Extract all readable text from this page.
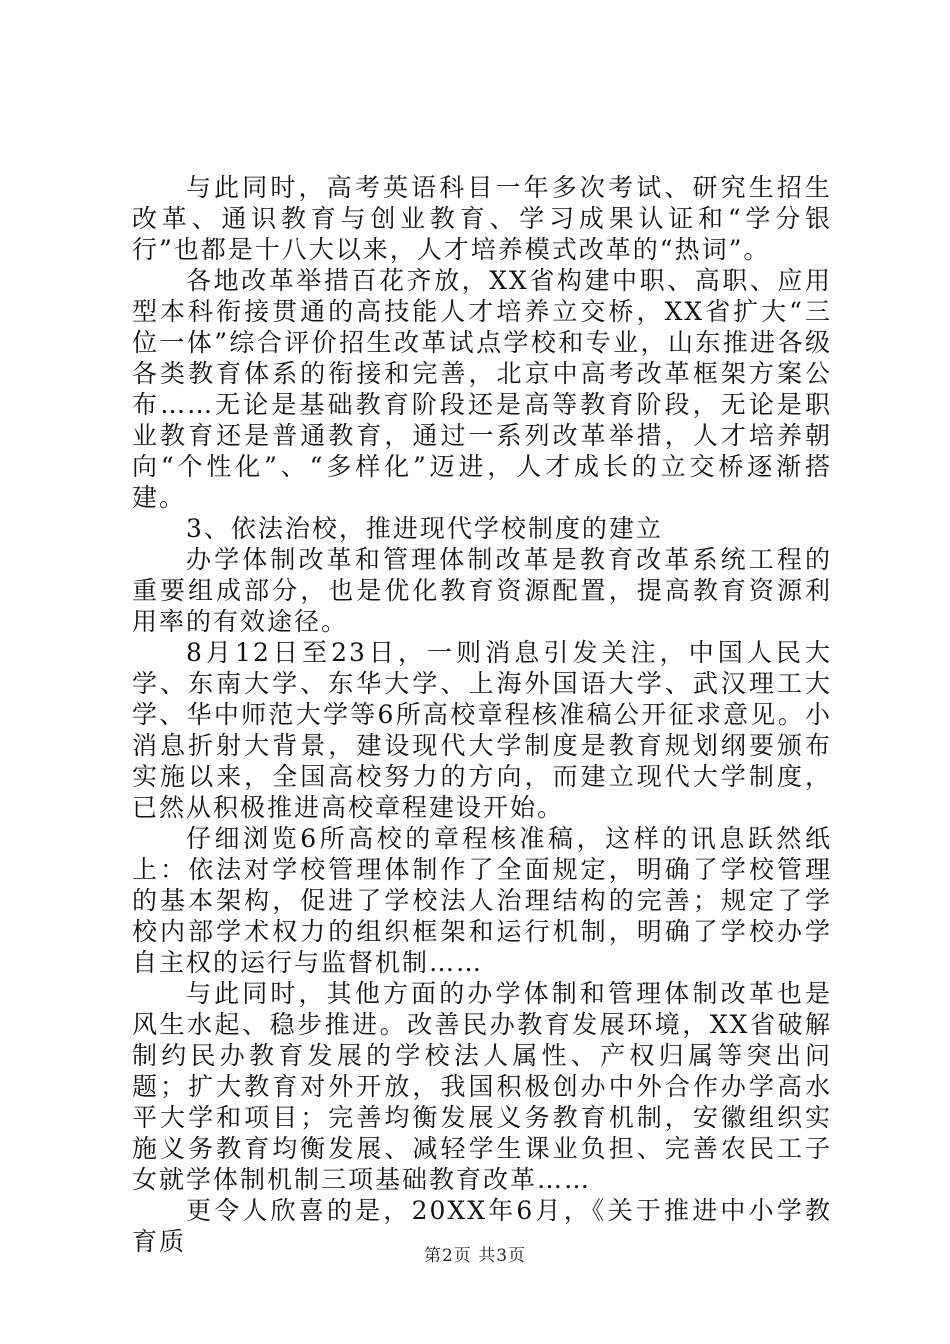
与此同时，高考英语科目一年多次考试、研究生招生改革、通识教育与创业教育、学习成果认证和“学分银行”也都是十八大以来，人才培养模式改革的“热词”。

各地改革举措百花齐放，XX省构建中职、高职、应用型本科衔接贯通的高技能人才培养立交桥，XX省扩大“三位一体”综合评价招生改革试点学校和专业，山东推进各级各类教育体系的衔接和完善，北京中高考改革框架方案公布……无论是基础教育阶段还是高等教育阶段，无论是职业教育还是普通教育，通过一系列改革举措，人才培养朝向“个性化”、“多样化”迈进，人才成长的立交桥逐渐搭建。

3、依法治校，推进现代学校制度的建立

办学体制改革和管理体制改革是教育改革系统工程的重要组成部分，也是优化教育资源配置，提高教育资源利用率的有效途径。

8月12日至23日，一则消息引发关注，中国人民大学、东南大学、东华大学、上海外国语大学、武汉理工大学、华中师范大学等6所高校章程核准稿公开征求意见。小消息折射大背景，建设现代大学制度是教育规划纲要颁布实施以来，全国高校努力的方向，而建立现代大学制度，已然从积极推进高校章程建设开始。

仔细浏览6所高校的章程核准稿，这样的讯息跃然纸上：依法对学校管理体制作了全面规定，明确了学校管理的基本架构，促进了学校法人治理结构的完善；规定了学校内部学术权力的组织框架和运行机制，明确了学校办学自主权的运行与监督机制……

与此同时，其他方面的办学体制和管理体制改革也是风生水起、稳步推进。改善民办教育发展环境，XX省破解制约民办教育发展的学校法人属性、产权归属等突出问题；扩大教育对外开放，我国积极创办中外合作办学高水平大学和项目；完善均衡发展义务教育机制，安徽组织实施义务教育均衡发展、减轻学生课业负担、完善农民工子女就学体制机制三项基础教育改革……

更令人欣喜的是，20XX年6月，《关于推进中小学教育质	第2页 共3页
